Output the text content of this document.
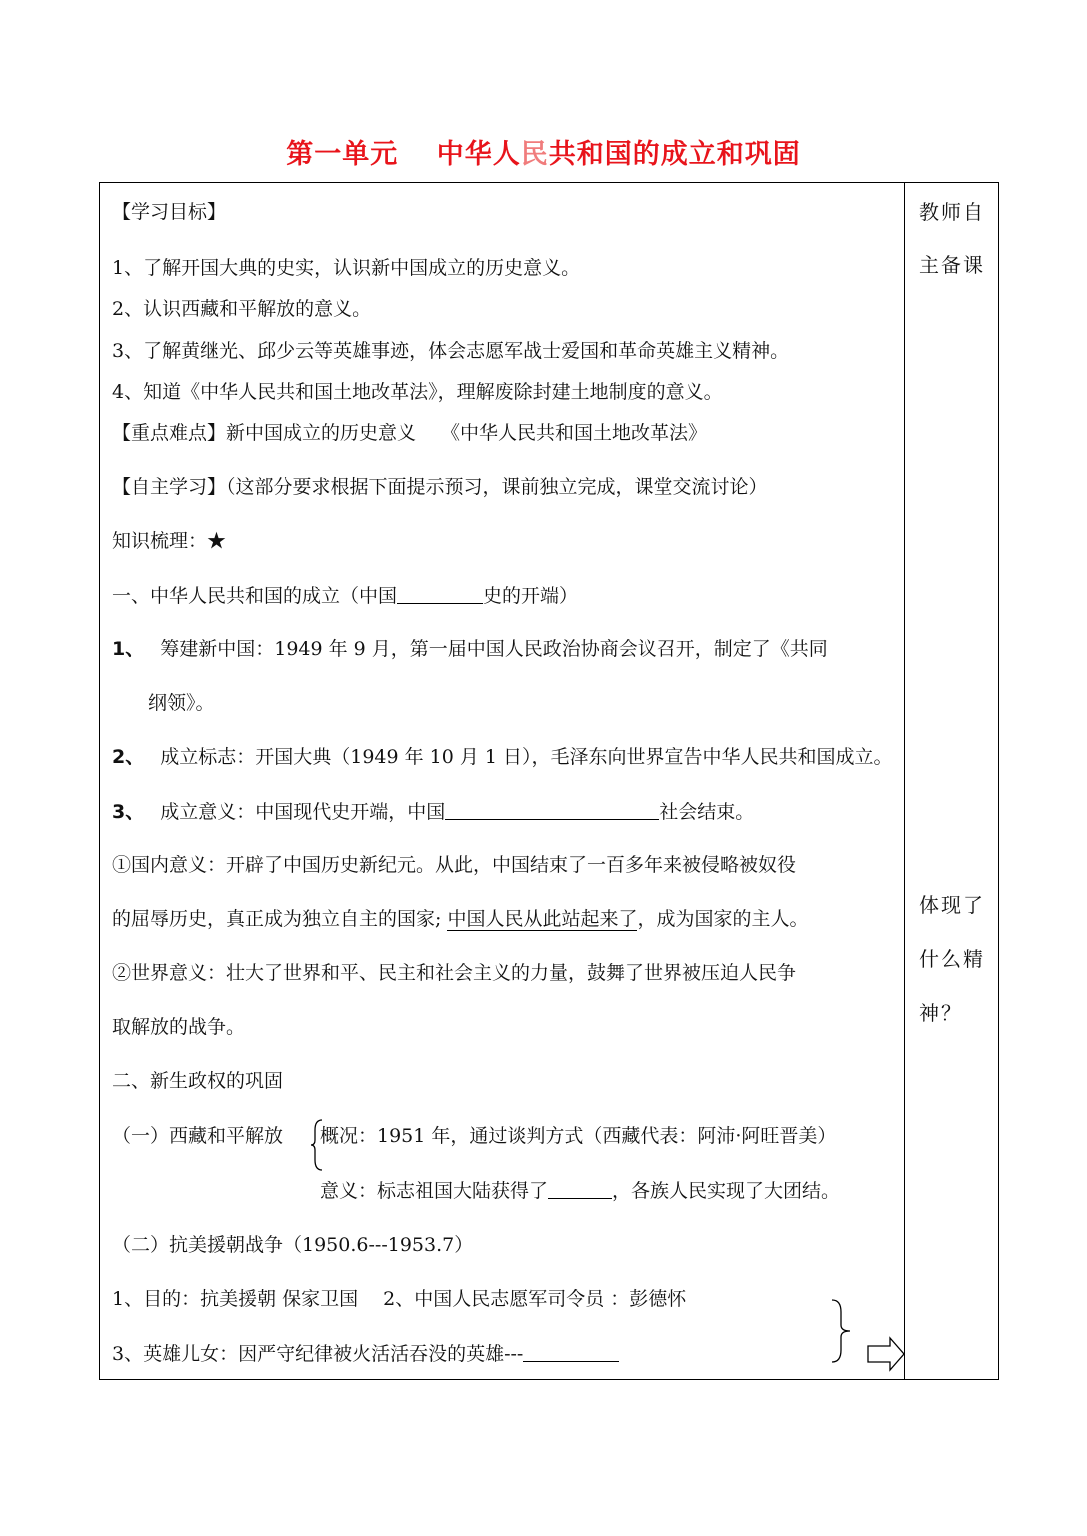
第一单元　 中华人民共和国的成立和巩固
教师自
主备课
体现了
什么精
神？
【学习目标】
1、了解开国大典的史实，认识新中国成立的历史意义。
2、认识西藏和平解放的意义。
3、了解黄继光、邱少云等英雄事迹，体会志愿军战士爱国和革命英雄主义精神。
4、知道《中华人民共和国土地改革法》，理解废除封建土地制度的意义。
【重点难点】新中国成立的历史意义　 《中华人民共和国土地改革法》
【自主学习】（这部分要求根据下面提示预习，课前独立完成，课堂交流讨论）
知识梳理：★
一、中华人民共和国的成立（中国	史的开端）
1、 筹建新中国：1949 年 9 月，第一届中国人民政治协商会议召开，制定了《共同
纲领》。
2、 成立标志：开国大典（1949 年 10 月 1 日），毛泽东向世界宣告中华人民共和国成立。
3、 成立意义：中国现代史开端，中国	社会结束。
①国内意义：开辟了中国历史新纪元。从此，中国结束了一百多年来被侵略被奴役
的屈辱历史，真正成为独立自主的国家; 中国人民从此站起来了，成为国家的主人。
②世界意义：壮大了世界和平、民主和社会主义的力量，鼓舞了世界被压迫人民争
取解放的战争。
二、新生政权的巩固
（一）西藏和平解放 概况：1951 年，通过谈判方式（西藏代表：阿沛·阿旺晋美）
意义：标志祖国大陆获得了	，各族人民实现了大团结。
（二）抗美援朝战争（1950.6---1953.7）
1、目的：抗美援朝 保家卫国　 2、中国人民志愿军司令员 ：彭德怀
3、英雄儿女：因严守纪律被火活活吞没的英雄---
